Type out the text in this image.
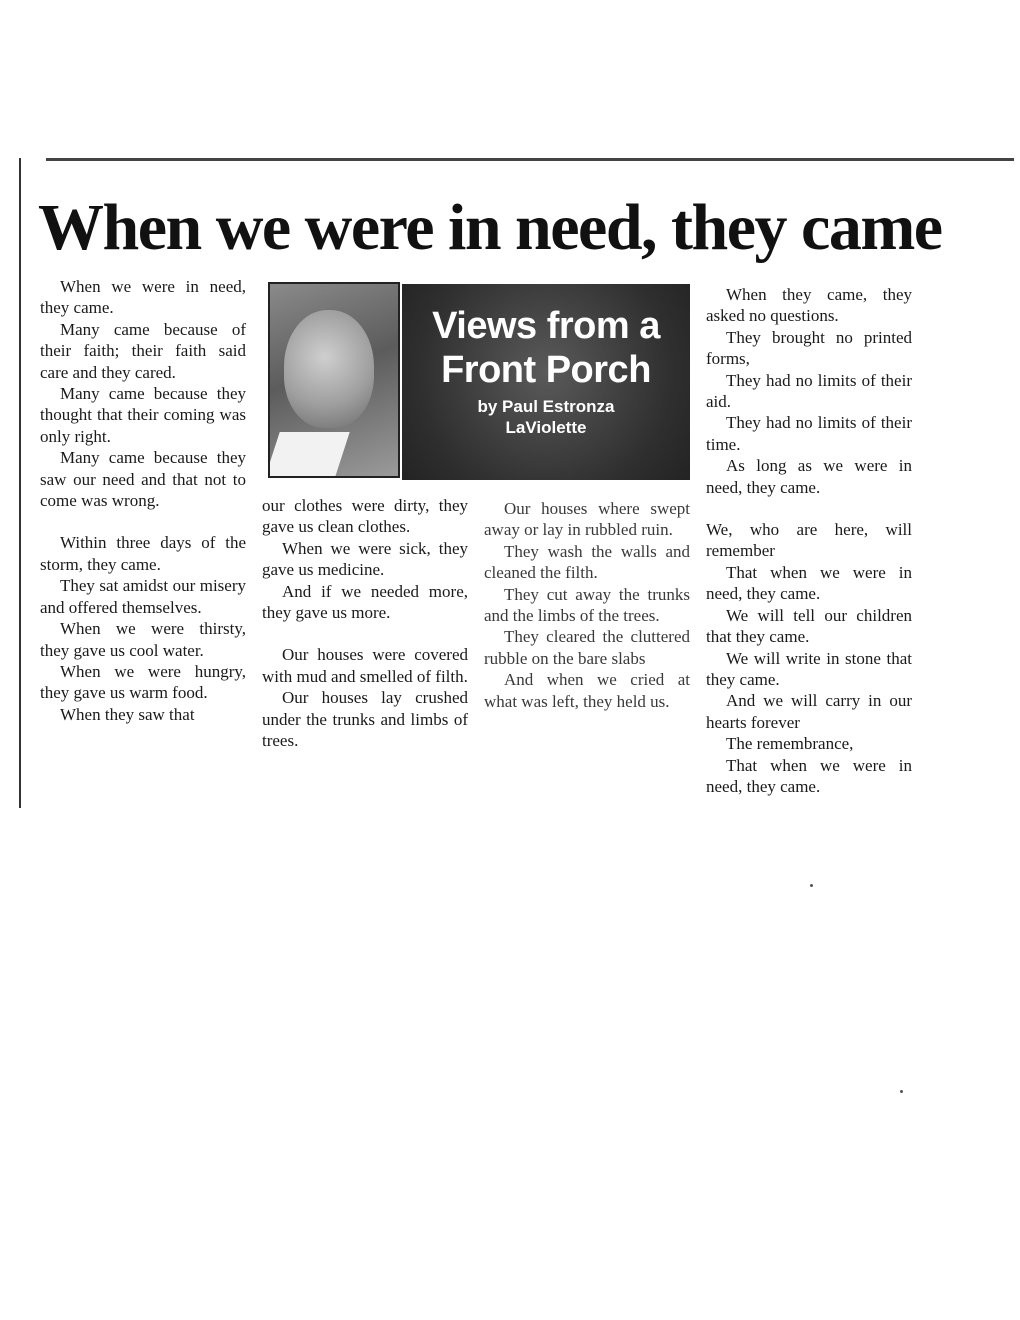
When we were in need, they came

When we were in need, they came.

Many came because of their faith; their faith said care and they cared.

Many came because they thought that their coming was only right.

Many came because they saw our need and that not to come was wrong.

Within three days of the storm, they came.

They sat amidst our misery and offered themselves.

When we were thirsty, they gave us cool water.

When we were hungry, they gave us warm food.

When they saw that

Views from a
Front Porch
by Paul Estronza
LaViolette

our clothes were dirty, they gave us clean clothes.

When we were sick, they gave us medicine.

And if we needed more, they gave us more.

Our houses were covered with mud and smelled of filth.

Our houses lay crushed under the trunks and limbs of trees.

Our houses where swept away or lay in rubbled ruin.

They wash the walls and cleaned the filth.

They cut away the trunks and the limbs of the trees.

They cleared the cluttered rubble on the bare slabs

And when we cried at what was left, they held us.

When they came, they asked no questions.

They brought no printed forms,

They had no limits of their aid.

They had no limits of their time.

As long as we were in need, they came.

We, who are here, will remember

That when we were in need, they came.

We will tell our children that they came.

We will write in stone that they came.

And we will carry in our hearts forever

The remembrance,

That when we were in need, they came.
